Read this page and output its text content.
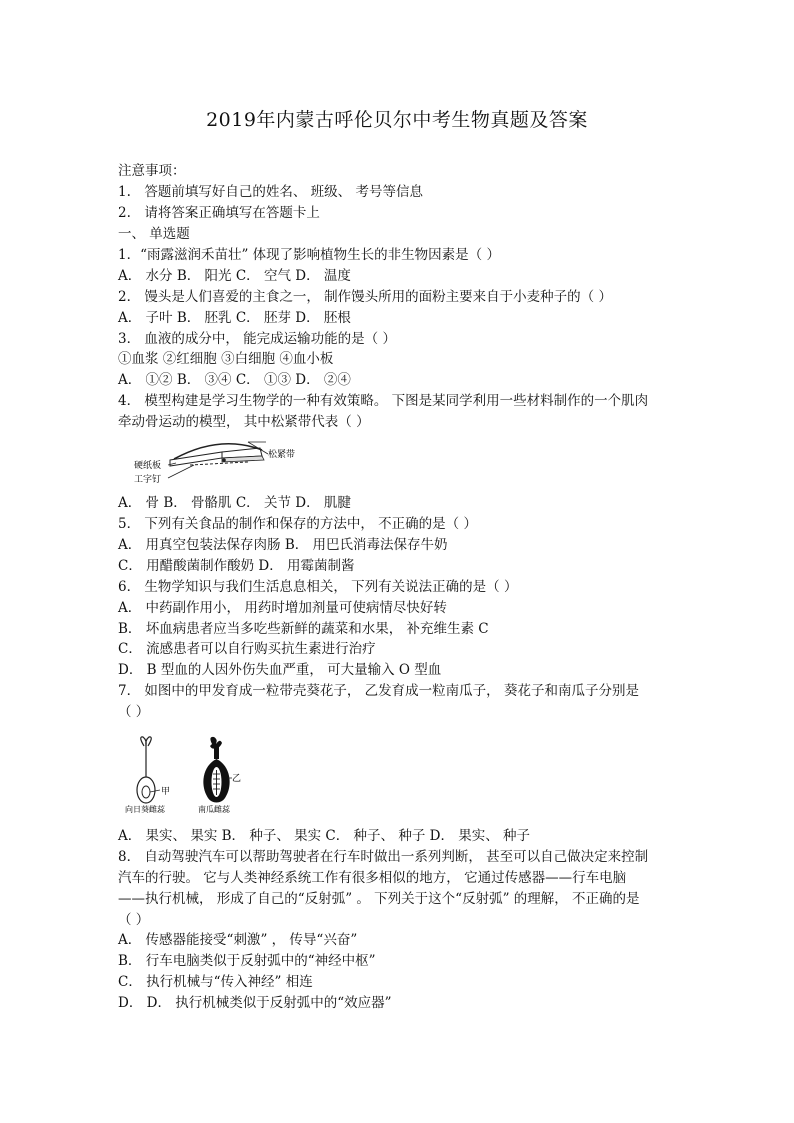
2019年内蒙古呼伦贝尔中考生物真题及答案
注意事项：
1.　答题前填写好自己的姓名、 班级、 考号等信息
2.　请将答案正确填写在答题卡上
一、 单选题
1．“雨露滋润禾苗壮” 体现了影响植物生长的非生物因素是（ ）
A． 水分 B． 阳光 C． 空气 D． 温度
2． 馒头是人们喜爱的主食之一， 制作馒头所用的面粉主要来自于小麦种子的（ ）
A． 子叶 B． 胚乳 C． 胚芽 D． 胚根
3． 血液的成分中， 能完成运输功能的是（ ）
①血浆 ②红细胞 ③白细胞 ④血小板
A． ①② B． ③④ C． ①③ D． ②④
4． 模型构建是学习生物学的一种有效策略。 下图是某同学利用一些材料制作的一个肌肉
牵动骨运动的模型， 其中松紧带代表（ ）
硬纸板
工字钉
松紧带
A． 骨 B． 骨骼肌 C． 关节 D． 肌腱
5． 下列有关食品的制作和保存的方法中， 不正确的是（ ）
A． 用真空包装法保存肉肠 B． 用巴氏消毒法保存牛奶
C． 用醋酸菌制作酸奶 D． 用霉菌制酱
6． 生物学知识与我们生活息息相关， 下列有关说法正确的是（ ）
A． 中药副作用小， 用药时增加剂量可使病情尽快好转
B． 坏血病患者应当多吃些新鲜的蔬菜和水果， 补充维生素 C
C． 流感患者可以自行购买抗生素进行治疗
D． B 型血的人因外伤失血严重， 可大量输入 O 型血
7． 如图中的甲发育成一粒带壳葵花子， 乙发育成一粒南瓜子， 葵花子和南瓜子分别是
（ ）
甲
乙
向日葵雌蕊	南瓜雌蕊
A． 果实、 果实 B． 种子、 果实 C． 种子、 种子 D． 果实、 种子
8． 自动驾驶汽车可以帮助驾驶者在行车时做出一系列判断， 甚至可以自己做决定来控制
汽车的行驶。 它与人类神经系统工作有很多相似的地方， 它通过传感器——行车电脑
——执行机械， 形成了自己的“反射弧” 。 下列关于这个“反射弧” 的理解， 不正确的是
（ ）
A． 传感器能接受“刺激” ， 传导“兴奋”
B． 行车电脑类似于反射弧中的“神经中枢”
C． 执行机械与“传入神经” 相连
D． D． 执行机械类似于反射弧中的“效应器”
